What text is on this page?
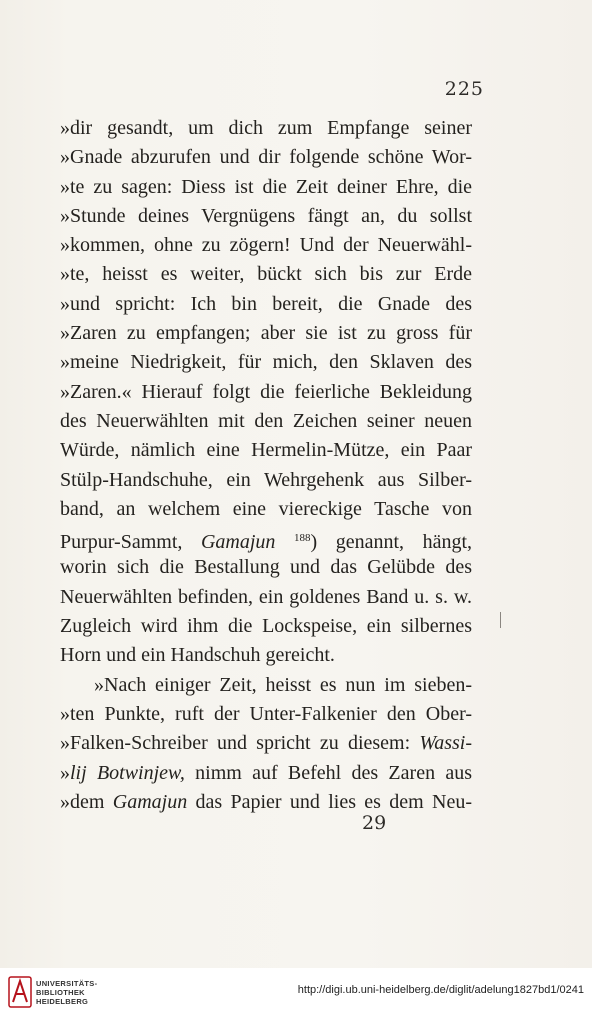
225
»dir gesandt, um dich zum Empfange seiner
»Gnade abzurufen und dir folgende schöne Wor-
»te zu sagen: Diess ist die Zeit deiner Ehre, die
»Stunde deines Vergnügens fängt an, du sollst
»kommen, ohne zu zögern! Und der Neuerwähl-
»te, heisst es weiter, bückt sich bis zur Erde
»und spricht: Ich bin bereit, die Gnade des
»Zaren zu empfangen; aber sie ist zu gross für
»meine Niedrigkeit, für mich, den Sklaven des
»Zaren.« Hierauf folgt die feierliche Bekleidung
des Neuerwählten mit den Zeichen seiner neuen
Würde, nämlich eine Hermelin-Mütze, ein Paar
Stülp-Handschuhe, ein Wehrgehenk aus Silber-
band, an welchem eine viereckige Tasche von
Purpur-Sammt, Gamajun $^{188}$) genannt, hängt,
worin sich die Bestallung und das Gelübde des
Neuerwählten befinden, ein goldenes Band u. s. w.
Zugleich wird ihm die Lockspeise, ein silbernes
Horn und ein Handschuh gereicht.
»Nach einiger Zeit, heisst es nun im sieben-
»ten Punkte, ruft der Unter-Falkenier den Ober-
»Falken-Schreiber und spricht zu diesem: Wassi-
»lij Botwinjew, nimm auf Befehl des Zaren aus
»dem Gamajun das Papier und lies es dem Neu-
29
UNIVERSITÄTS-
BIBLIOTHEK
HEIDELBERG
http://digi.ub.uni-heidelberg.de/diglit/adelung1827bd1/0241
